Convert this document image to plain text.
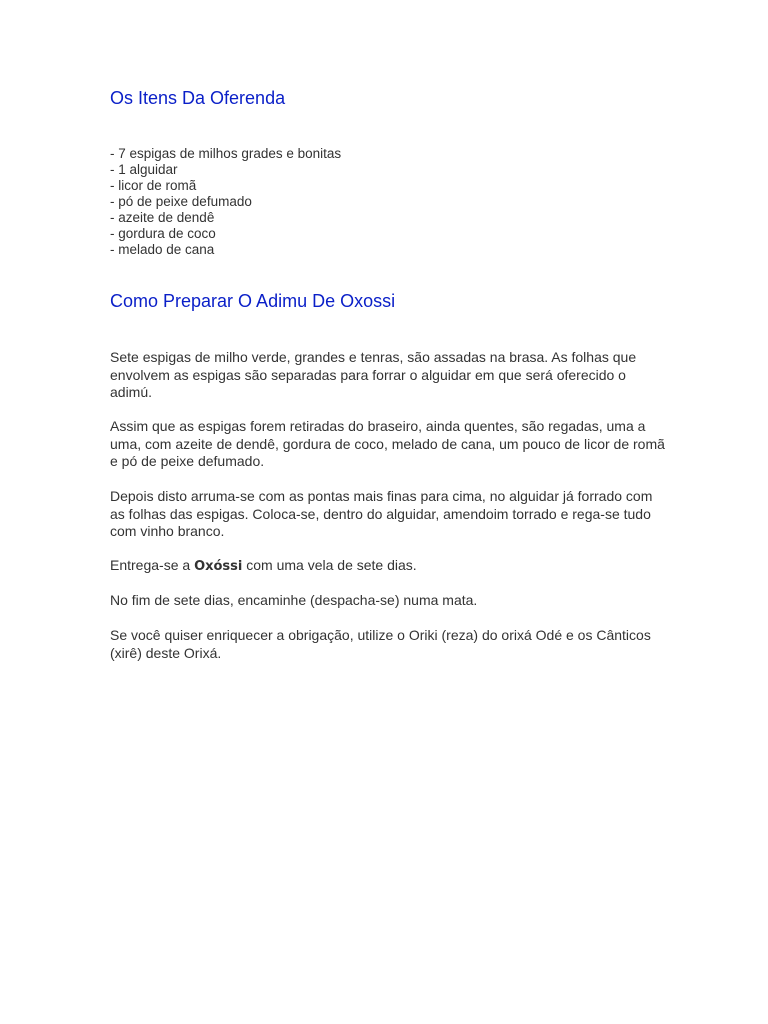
Os Itens Da Oferenda
- 7 espigas de milhos grades e bonitas
- 1 alguidar
- licor de romã
- pó de peixe defumado
- azeite de dendê
- gordura de coco
- melado de cana
Como Preparar O Adimu De Oxossi

Sete espigas de milho verde, grandes e tenras, são assadas na brasa. As folhas que envolvem as espigas são separadas para forrar o alguidar em que será oferecido o adimú.

Assim que as espigas forem retiradas do braseiro, ainda quentes, são regadas, uma a uma, com azeite de dendê, gordura de coco, melado de cana, um pouco de licor de romã e pó de peixe defumado.

Depois disto arruma-se com as pontas mais finas para cima, no alguidar já forrado com as folhas das espigas. Coloca-se, dentro do alguidar, amendoim torrado e rega-se tudo com vinho branco.

Entrega-se a Oxóssi com uma vela de sete dias.

No fim de sete dias, encaminhe (despacha-se) numa mata.

Se você quiser enriquecer a obrigação, utilize o Oriki (reza) do orixá Odé e os Cânticos (xirê) deste Orixá.
